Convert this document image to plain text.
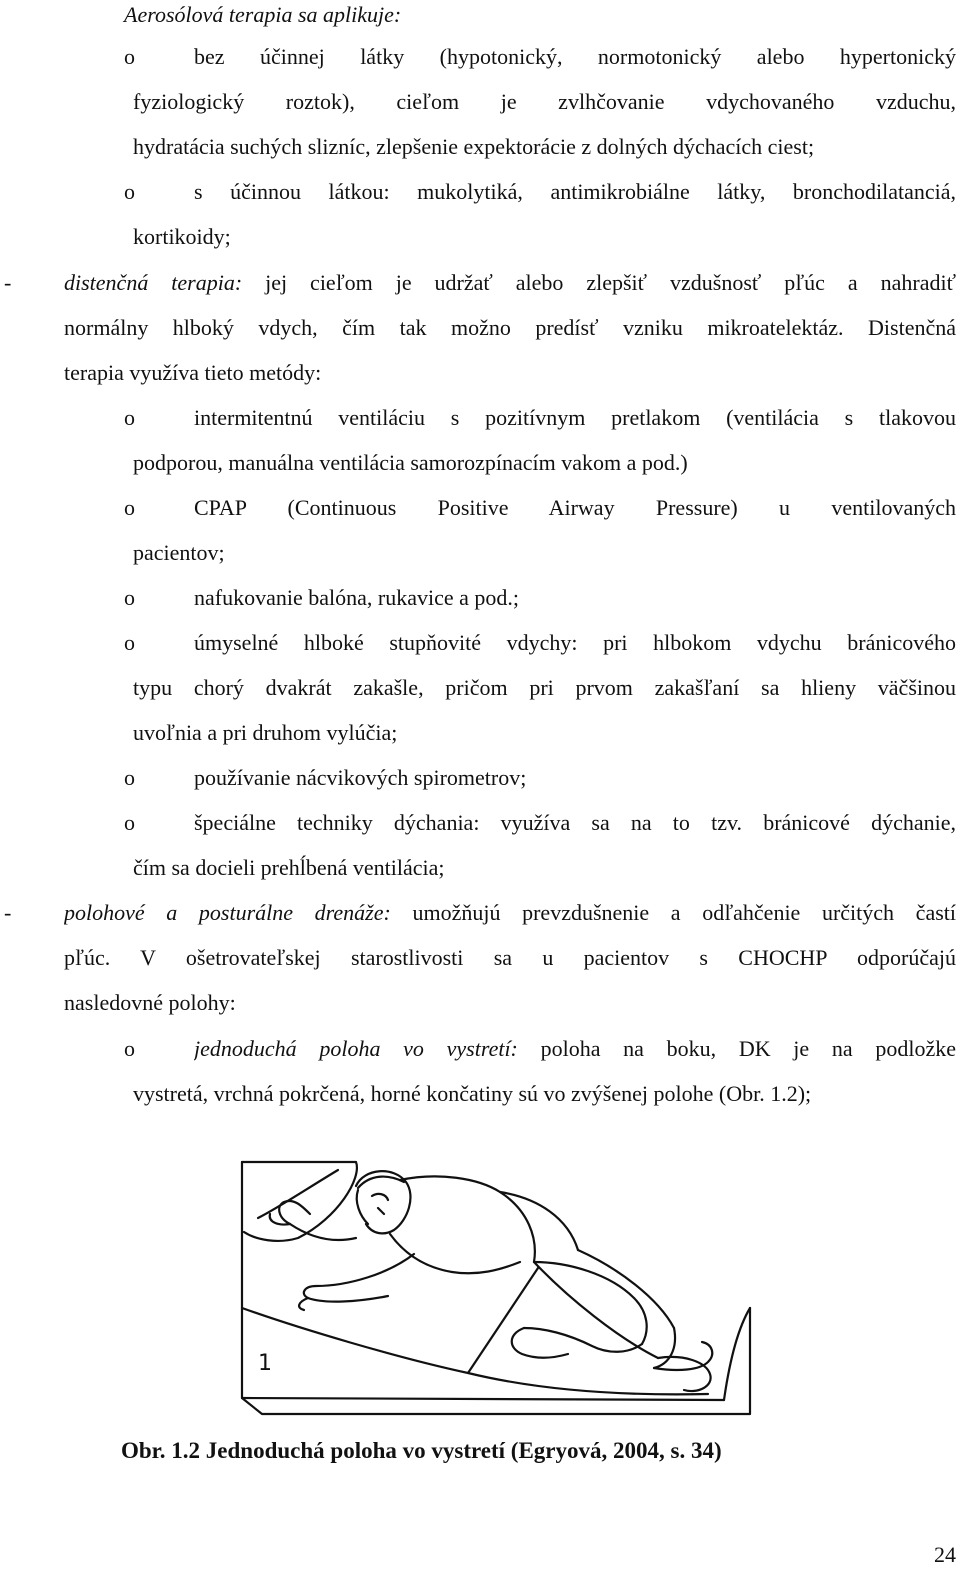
Aerosólová terapia sa aplikuje:
o	bez účinnej látky (hypotonický, normotonický alebo hypertonický
fyziologický roztok), cieľom je zvlhčovanie vdychovaného vzduchu,
hydratácia suchých slizníc, zlepšenie expektorácie z dolných dýchacích ciest;
o	s účinnou látkou: mukolytiká, antimikrobiálne látky, bronchodilatanciá,
kortikoidy;
- distenčná terapia: jej cieľom je udržať alebo zlepšiť vzdušnosť pľúc a nahradiť
normálny hlboký vdych, čím tak možno predísť vzniku mikroatelektáz. Distenčná
terapia využíva tieto metódy:
o	intermitentnú ventiláciu s pozitívnym pretlakom (ventilácia s tlakovou
podporou, manuálna ventilácia samorozpínacím vakom a pod.)
o	CPAP (Continuous Positive Airway Pressure) u ventilovaných
pacientov;
o	nafukovanie balóna, rukavice a pod.;
o	úmyselné hlboké stupňovité vdychy: pri hlbokom vdychu bránicového
typu chorý dvakrát zakašle, pričom pri prvom zakašľaní sa hlieny väčšinou
uvoľnia a pri druhom vylúčia;
o	používanie nácvikových spirometrov;
o	špeciálne techniky dýchania: využíva sa na to tzv. bránicové dýchanie,
čím sa docieli prehĺbená ventilácia;
- polohové a posturálne drenáže: umožňujú prevzdušnenie a odľahčenie určitých častí
pľúc. V ošetrovateľskej starostlivosti sa u pacientov s CHOCHP odporúčajú
nasledovné polohy:
o	jednoduchá poloha vo vystretí: poloha na boku, DK je na podložke
vystretá, vrchná pokrčená, horné končatiny sú vo zvýšenej polohe (Obr. 1.2);
1
Obr. 1.2 Jednoduchá poloha vo vystretí (Egryová, 2004, s. 34)
24
